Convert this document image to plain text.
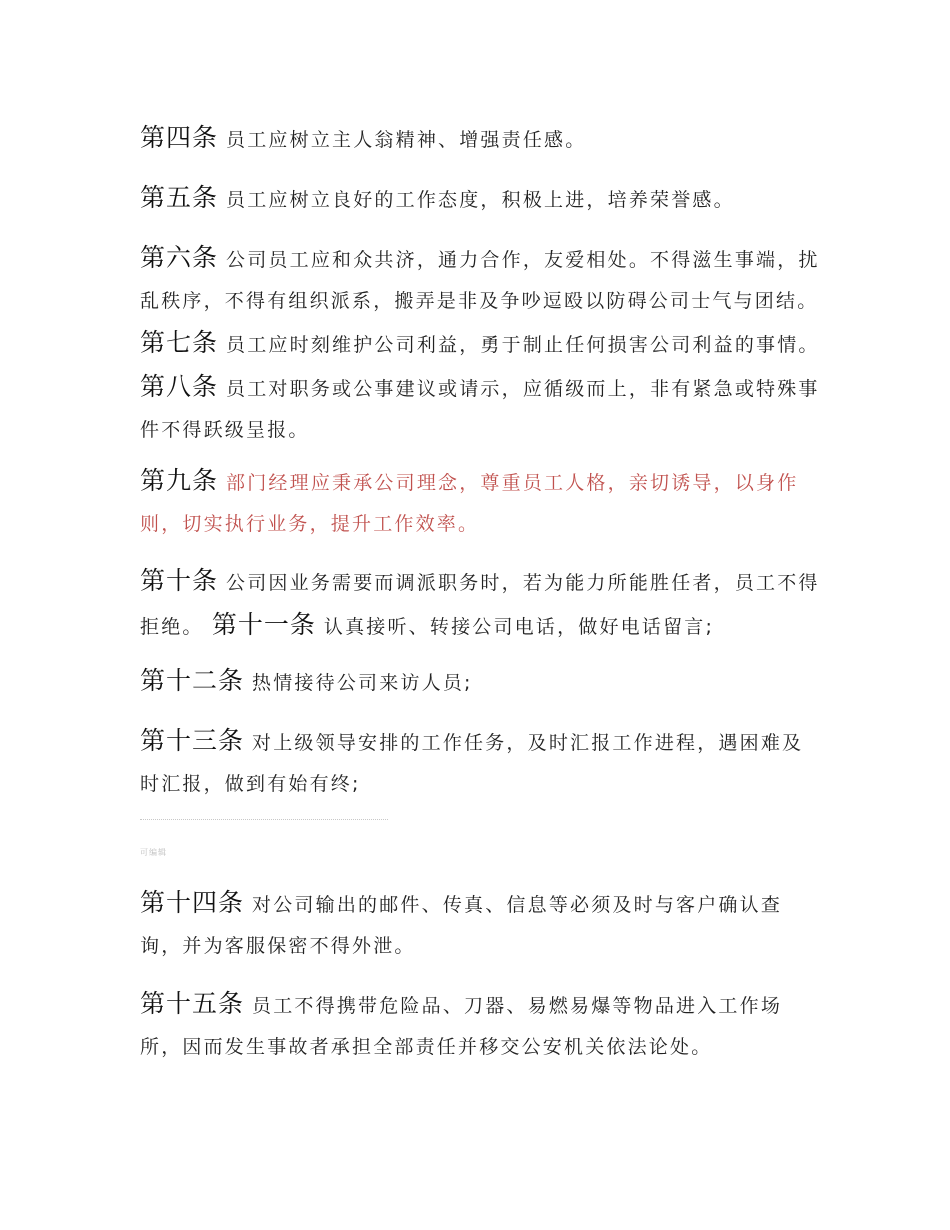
第四条 员工应树立主人翁精神、增强责任感。

第五条 员工应树立良好的工作态度，积极上进，培养荣誉感。

第六条 公司员工应和众共济，通力合作，友爱相处。不得滋生事端，扰乱秩序，不得有组织派系，搬弄是非及争吵逗殴以防碍公司士气与团结。 第七条 员工应时刻维护公司利益，勇于制止任何损害公司利益的事情。 第八条 员工对职务或公事建议或请示，应循级而上，非有紧急或特殊事件不得跃级呈报。

第九条 部门经理应秉承公司理念，尊重员工人格，亲切诱导，以身作则，切实执行业务，提升工作效率。

第十条 公司因业务需要而调派职务时，若为能力所能胜任者，员工不得拒绝。 第十一条 认真接听、转接公司电话，做好电话留言;

第十二条 热情接待公司来访人员;

第十三条 对上级领导安排的工作任务，及时汇报工作进程，遇困难及时汇报，做到有始有终;

第十四条 对公司输出的邮件、传真、信息等必须及时与客户确认查询，并为客服保密不得外泄。

第十五条 员工不得携带危险品、刀器、易燃易爆等物品进入工作场所，因而发生事故者承担全部责任并移交公安机关依法论处。

可编辑
